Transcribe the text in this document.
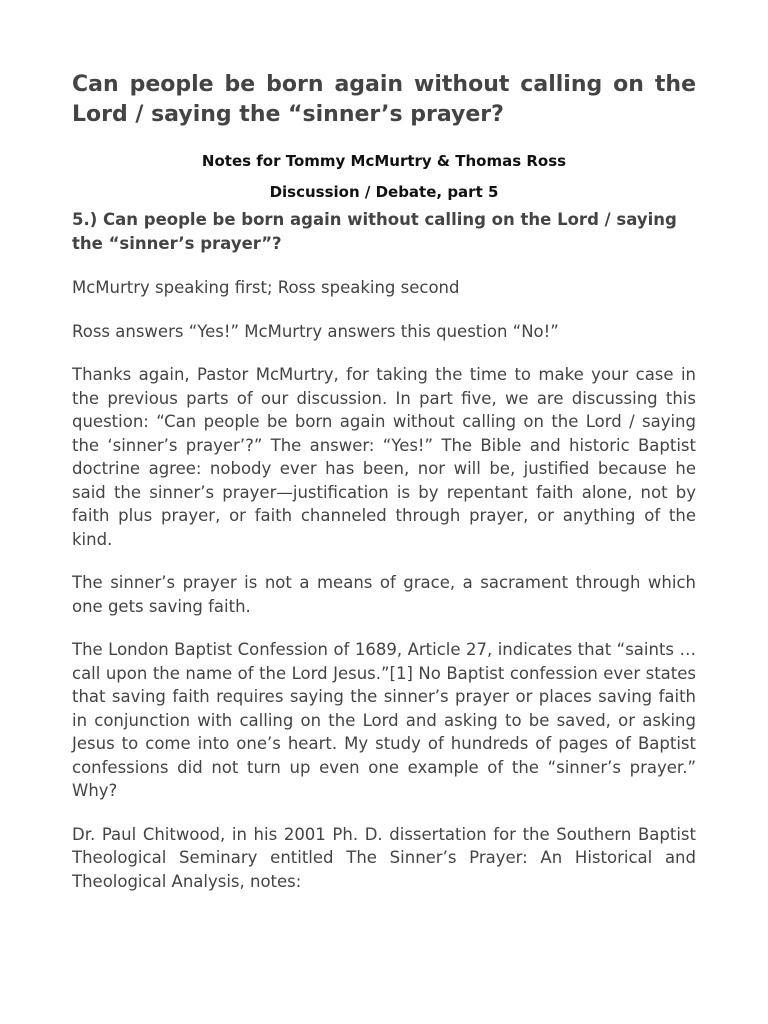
Can people be born again without calling on the Lord / saying the “sinner’s prayer?

Notes for Tommy McMurtry & Thomas Ross

Discussion / Debate, part 5

5.) Can people be born again without calling on the Lord / saying the “sinner’s prayer”?

McMurtry speaking first; Ross speaking second

Ross answers “Yes!” McMurtry answers this question “No!”

Thanks again, Pastor McMurtry, for taking the time to make your case in the previous parts of our discussion. In part five, we are discussing this question: “Can people be born again without calling on the Lord / saying the ‘sinner’s prayer’?” The answer: “Yes!” The Bible and historic Baptist doctrine agree: nobody ever has been, nor will be, justified because he said the sinner’s prayer—justification is by repentant faith alone, not by faith plus prayer, or faith channeled through prayer, or anything of the kind.

The sinner’s prayer is not a means of grace, a sacrament through which one gets saving faith.

The London Baptist Confession of 1689, Article 27, indicates that “saints … call upon the name of the Lord Jesus.”[1] No Baptist confession ever states that saving faith requires saying the sinner’s prayer or places saving faith in conjunction with calling on the Lord and asking to be saved, or asking Jesus to come into one’s heart. My study of hundreds of pages of Baptist confessions did not turn up even one example of the “sinner’s prayer.” Why?

Dr. Paul Chitwood, in his 2001 Ph. D. dissertation for the Southern Baptist Theological Seminary entitled The Sinner’s Prayer: An Historical and Theological Analysis, notes:
